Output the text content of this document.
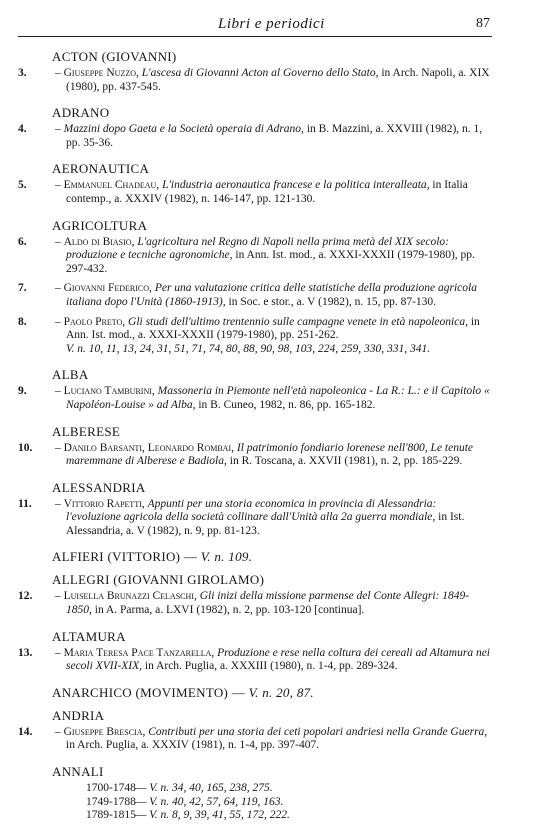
Libri e periodici	87
ACTON (GIOVANNI)
3.	– Giuseppe Nuzzo, L'ascesa di Giovanni Acton al Governo dello Stato, in Arch. Napoli, a. XIX (1980), pp. 437-545.
ADRANO
4.	– Mazzini dopo Gaeta e la Società operaia di Adrano, in B. Mazzini, a. XXVIII (1982), n. 1, pp. 35-36.
AERONAUTICA
5.	– Emmanuel Chadeau, L'industria aeronautica francese e la politica interalleata, in Italia contemp., a. XXXIV (1982), n. 146-147, pp. 121-130.
AGRICOLTURA
6.	– Aldo di Biasio, L'agricoltura nel Regno di Napoli nella prima metà del XIX secolo: produzione e tecniche agronomiche, in Ann. Ist. mod., a. XXXI-XXXII (1979-1980), pp. 297-432.
7.	– Giovanni Federico, Per una valutazione critica delle statistiche della produzione agricola italiana dopo l'Unità (1860-1913), in Soc. e stor., a. V (1982), n. 15, pp. 87-130.
8.	– Paolo Preto, Gli studi dell'ultimo trentennio sulle campagne venete in età napoleonica, in Ann. Ist. mod., a. XXXI-XXXII (1979-1980), pp. 251-262.
V. n. 10, 11, 13, 24, 31, 51, 71, 74, 80, 88, 90, 98, 103, 224, 259, 330, 331, 341.
ALBA
9.	– Luciano Tamburini, Massoneria in Piemonte nell'età napoleonica - La R.: L.: e il Capitolo « Napoléon-Louise » ad Alba, in B. Cuneo, 1982, n. 86, pp. 165-182.
ALBERESE
10.	– Danilo Barsanti, Leonardo Rombai, Il patrimonio fondiario lorenese nell'800, Le tenute maremmane di Alberese e Badiola, in R. Toscana, a. XXVII (1981), n. 2, pp. 185-229.
ALESSANDRIA
11.	– Vittorio Rapetti, Appunti per una storia economica in provincia di Alessandria: l'evoluzione agricola della società collinare dall'Unità alla 2a guerra mondiale, in Ist. Alessandria, a. V (1982), n. 9, pp. 81-123.
ALFIERI (VITTORIO) — V. n. 109.
ALLEGRI (GIOVANNI GIROLAMO)
12.	– Luisella Brunazzi Celaschi, Gli inizi della missione parmense del Conte Allegri: 1849-1850, in A. Parma, a. LXVI (1982), n. 2, pp. 103-120 [continua].
ALTAMURA
13.	– Maria Teresa Pace Tanzarella, Produzione e rese nella coltura dei cereali ad Altamura nei secoli XVII-XIX, in Arch. Puglia, a. XXXIII (1980), n. 1-4, pp. 289-324.
ANARCHICO (MOVIMENTO) — V. n. 20, 87.
ANDRIA
14.	– Giuseppe Brescia, Contributi per una storia dei ceti popolari andriesi nella Grande Guerra, in Arch. Puglia, a. XXXIV (1981), n. 1-4, pp. 397-407.
ANNALI
1700-1748 — V. n. 34, 40, 165, 238, 275.
1749-1788 — V. n. 40, 42, 57, 64, 119, 163.
1789-1815 — V. n. 8, 9, 39, 41, 55, 172, 222.
